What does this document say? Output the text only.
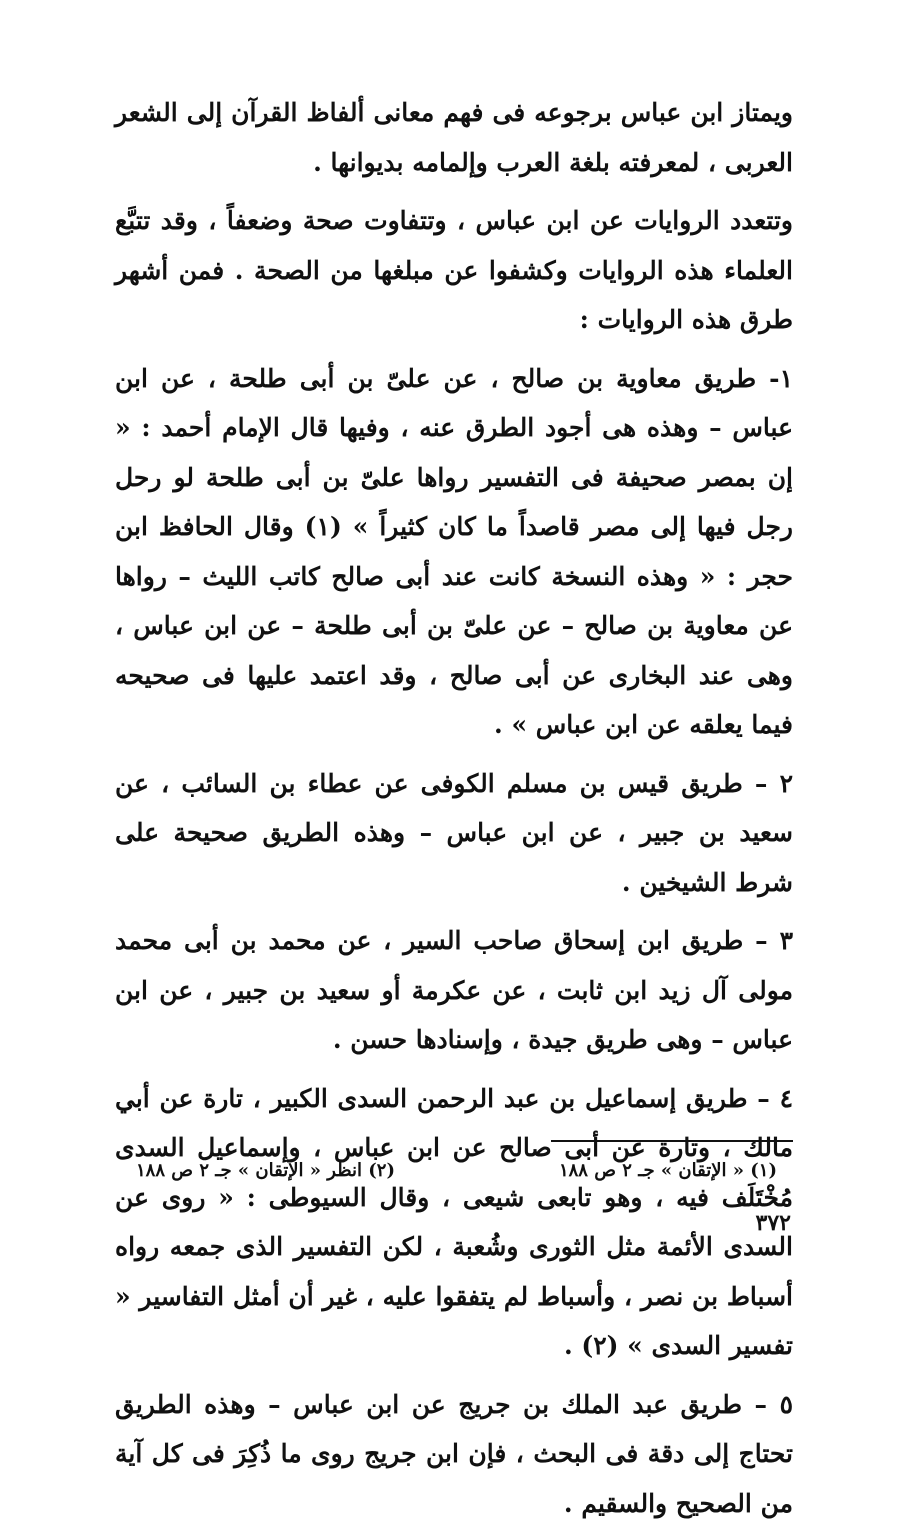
ويمتاز ابن عباس برجوعه فى فهم معانى ألفاظ القرآن إلى الشعر العربى ، لمعرفته بلغة العرب وإلمامه بديوانها .

وتتعدد الروايات عن ابن عباس ، وتتفاوت صحة وضعفاً ، وقد تتبَّع العلماء هذه الروايات وكشفوا عن مبلغها من الصحة . فمن أشهر طرق هذه الروايات :

١- طريق معاوية بن صالح ، عن علىّ بن أبى طلحة ، عن ابن عباس – وهذه هى أجود الطرق عنه ، وفيها قال الإمام أحمد : « إن بمصر صحيفة فى التفسير رواها علىّ بن أبى طلحة لو رحل رجل فيها إلى مصر قاصداً ما كان كثيراً » (١) وقال الحافظ ابن حجر : « وهذه النسخة كانت عند أبى صالح كاتب الليث – رواها عن معاوية بن صالح – عن علىّ بن أبى طلحة – عن ابن عباس ، وهى عند البخارى عن أبى صالح ، وقد اعتمد عليها فى صحيحه فيما يعلقه عن ابن عباس » .

٢ – طريق قيس بن مسلم الكوفى عن عطاء بن السائب ، عن سعيد بن جبير ، عن ابن عباس – وهذه الطريق صحيحة على شرط الشيخين .

٣ – طريق ابن إسحاق صاحب السير ، عن محمد بن أبى محمد مولى آل زيد ابن ثابت ، عن عكرمة أو سعيد بن جبير ، عن ابن عباس – وهى طريق جيدة ، وإسنادها حسن .

٤ – طريق إسماعيل بن عبد الرحمن السدى الكبير ، تارة عن أبي مالك ، وتارة عن أبى صالح عن ابن عباس ، وإسماعيل السدى مُخْتَلَف فيه ، وهو تابعى شيعى ، وقال السيوطى : « روى عن السدى الأئمة مثل الثورى وشُعبة ، لكن التفسير الذى جمعه رواه أسباط بن نصر ، وأسباط لم يتفقوا عليه ، غير أن أمثل التفاسير « تفسير السدى » (٢) .

٥ – طريق عبد الملك بن جريج عن ابن عباس – وهذه الطريق تحتاج إلى دقة فى البحث ، فإن ابن جريج روى ما ذُكِرَ فى كل آية من الصحيح والسقيم .

(١) « الإتقان » جـ ٢ ص ١٨٨
(٢) انظر « الإتقان » جـ ٢ ص ١٨٨
٣٧٢
